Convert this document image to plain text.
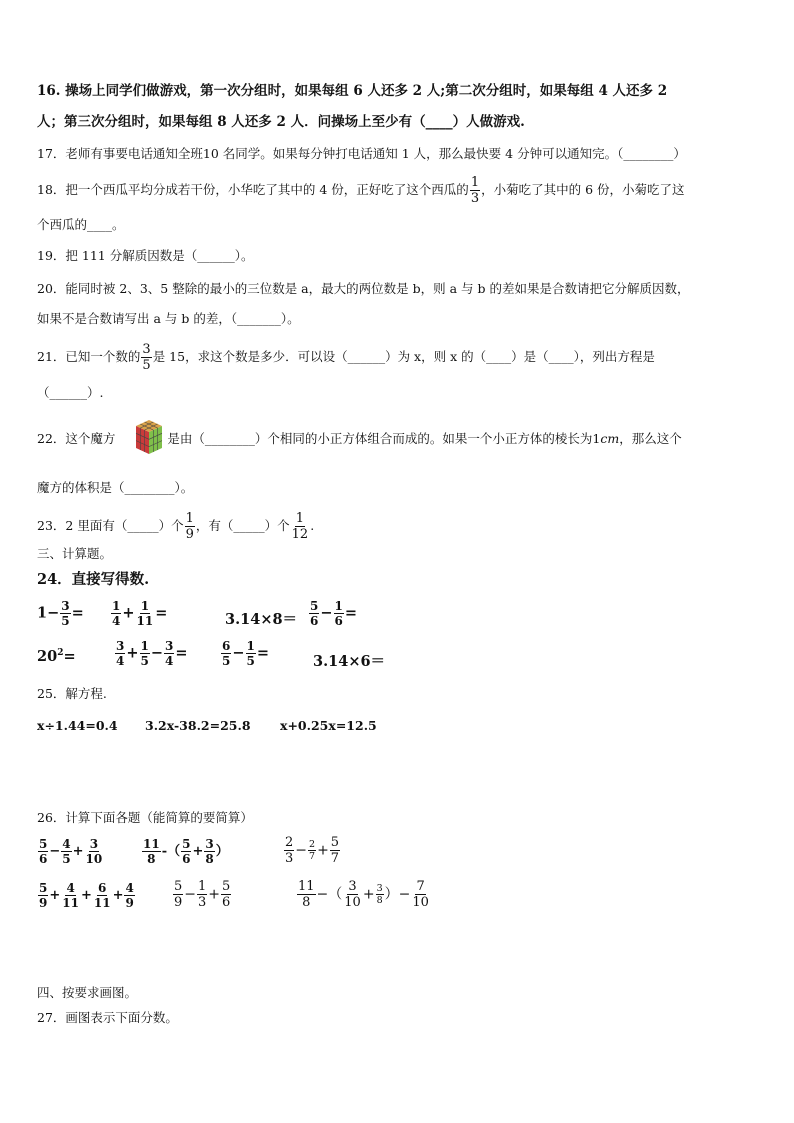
16. 操场上同学们做游戏，第一次分组时，如果每组 6 人还多 2 人;第二次分组时，如果每组 4 人还多 2
人；第三次分组时，如果每组 8 人还多 2 人．问操场上至少有（____）人做游戏.
17．老师有事要电话通知全班10 名同学。如果每分钟打电话通知 1 人，那么最快要 4 分钟可以通知完。（________）
18．把一个西瓜平均分成若干份，小华吃了其中的 4 份，正好吃了这个西瓜的 $\frac{1}{3}$ ，小菊吃了其中的 6 份，小菊吃了这
个西瓜的____。
19．把 111 分解质因数是（______）。
20．能同时被 2、3、5 整除的最小的三位数是 a，最大的两位数是 b，则 a 与 b 的差如果是合数请把它分解质因数，
如果不是合数请写出 a 与 b 的差，（_______）。
21．已知一个数的 $\frac{3}{5}$ 是 15，求这个数是多少．可以设（______）为 x，则 x 的（____）是（____），列出方程是
（______）.
22．这个魔方	是由（________）个相同的小正方体组合而成的。如果一个小正方体的棱长为1cm，那么这个
魔方的体积是（________）。
23．2 里面有（_____）个 $\frac{1}{9}$ ，有（_____）个 $\frac{1}{12}$ .
三、计算题。
24．直接写得数.
$1- \frac{3}{5} = \frac{1}{4} + \frac{1}{11}$ =	$3.14\times 8= \frac{5}{6} - \frac{1}{6}$ =
$20^2=$	$\frac{3}{4} + \frac{1}{5} - \frac{3}{4}$ =	$\frac{6}{5} - \frac{1}{5}$ =	3.14×6＝
25．解方程.
x÷1.44=0.4 3.2x-38.2=25.8 x+0.25x=12.5
26．计算下面各题（能简算的要简算）
$\frac{5}{6} - \frac{4}{5} + \frac{3}{10}$	$\frac{11}{8}$ -（ $\frac{5}{6} + \frac{3}{8}$ ）	$\frac{2}{3} - \frac{2}{7} + \frac{5}{7}$
$\frac{5}{9} + \frac{4}{11} + \frac{6}{11} + \frac{4}{9}$	$\frac{5}{9} - \frac{1}{3} + \frac{5}{6}$	$\frac{11}{8}$ −（ $\frac{3}{10} + \frac{3}{8}$ ）− $\frac{7}{10}$
四、按要求画图。
27．画图表示下面分数。
